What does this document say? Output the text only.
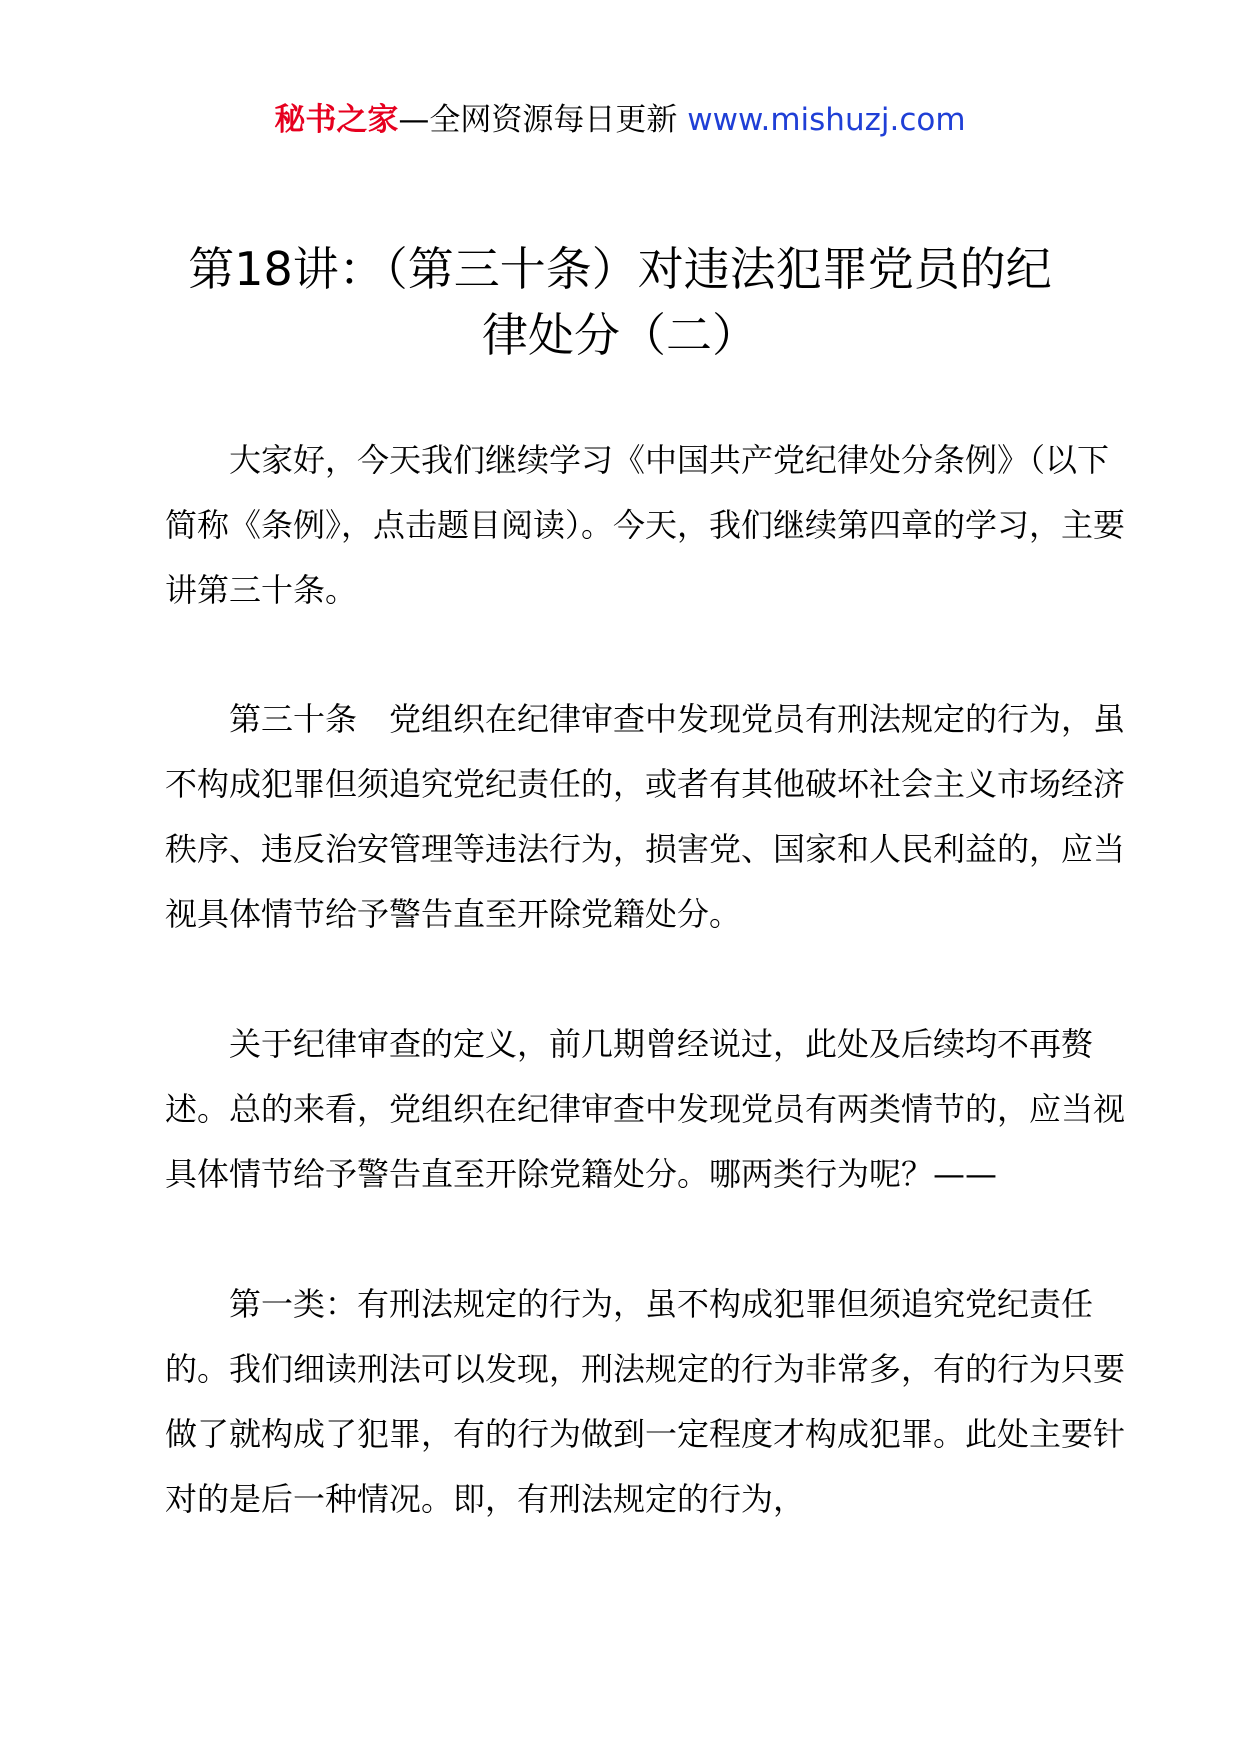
秘书之家—全网资源每日更新 www.mishuzj.com
第18讲：（第三十条）对违法犯罪党员的纪律处分（二）

大家好，今天我们继续学习《中国共产党纪律处分条例》（以下简称《条例》，点击题目阅读）。今天，我们继续第四章的学习，主要讲第三十条。

第三十条　党组织在纪律审查中发现党员有刑法规定的行为，虽不构成犯罪但须追究党纪责任的，或者有其他破坏社会主义市场经济秩序、违反治安管理等违法行为，损害党、国家和人民利益的，应当视具体情节给予警告直至开除党籍处分。

关于纪律审查的定义，前几期曾经说过，此处及后续均不再赘述。总的来看，党组织在纪律审查中发现党员有两类情节的，应当视具体情节给予警告直至开除党籍处分。哪两类行为呢？——

第一类：有刑法规定的行为，虽不构成犯罪但须追究党纪责任的。我们细读刑法可以发现，刑法规定的行为非常多，有的行为只要做了就构成了犯罪，有的行为做到一定程度才构成犯罪。此处主要针对的是后一种情况。即，有刑法规定的行为，
